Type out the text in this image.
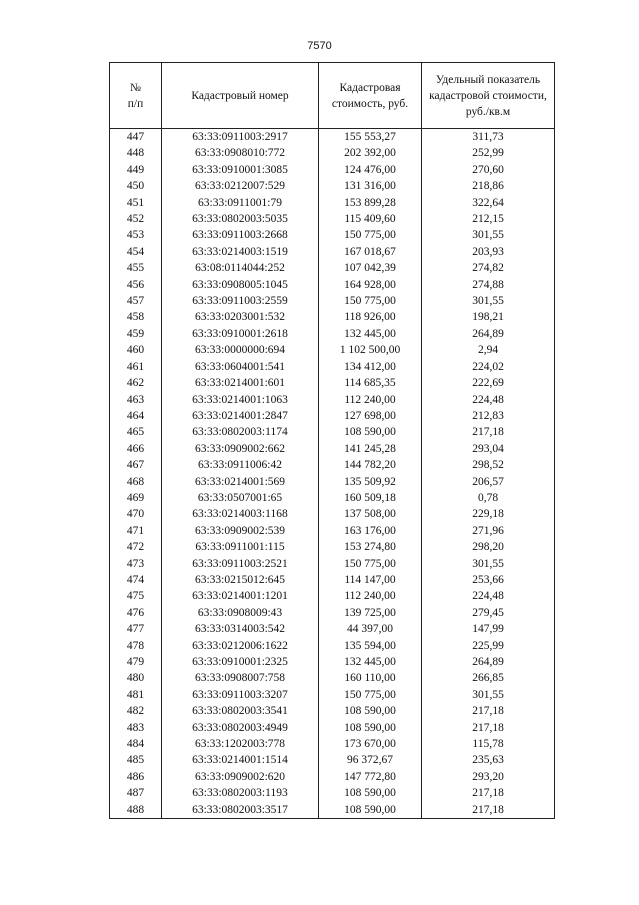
7570
№
п/п	Кадастровый номер	Кадастровая стоимость, руб.	Удельный показатель кадастровой стоимости, руб./кв.м
447	63:33:0911003:2917	155 553,27	311,73
448	63:33:0908010:772	202 392,00	252,99
449	63:33:0910001:3085	124 476,00	270,60
450	63:33:0212007:529	131 316,00	218,86
451	63:33:0911001:79	153 899,28	322,64
452	63:33:0802003:5035	115 409,60	212,15
453	63:33:0911003:2668	150 775,00	301,55
454	63:33:0214003:1519	167 018,67	203,93
455	63:08:0114044:252	107 042,39	274,82
456	63:33:0908005:1045	164 928,00	274,88
457	63:33:0911003:2559	150 775,00	301,55
458	63:33:0203001:532	118 926,00	198,21
459	63:33:0910001:2618	132 445,00	264,89
460	63:33:0000000:694	1 102 500,00	2,94
461	63:33:0604001:541	134 412,00	224,02
462	63:33:0214001:601	114 685,35	222,69
463	63:33:0214001:1063	112 240,00	224,48
464	63:33:0214001:2847	127 698,00	212,83
465	63:33:0802003:1174	108 590,00	217,18
466	63:33:0909002:662	141 245,28	293,04
467	63:33:0911006:42	144 782,20	298,52
468	63:33:0214001:569	135 509,92	206,57
469	63:33:0507001:65	160 509,18	0,78
470	63:33:0214003:1168	137 508,00	229,18
471	63:33:0909002:539	163 176,00	271,96
472	63:33:0911001:115	153 274,80	298,20
473	63:33:0911003:2521	150 775,00	301,55
474	63:33:0215012:645	114 147,00	253,66
475	63:33:0214001:1201	112 240,00	224,48
476	63:33:0908009:43	139 725,00	279,45
477	63:33:0314003:542	44 397,00	147,99
478	63:33:0212006:1622	135 594,00	225,99
479	63:33:0910001:2325	132 445,00	264,89
480	63:33:0908007:758	160 110,00	266,85
481	63:33:0911003:3207	150 775,00	301,55
482	63:33:0802003:3541	108 590,00	217,18
483	63:33:0802003:4949	108 590,00	217,18
484	63:33:1202003:778	173 670,00	115,78
485	63:33:0214001:1514	96 372,67	235,63
486	63:33:0909002:620	147 772,80	293,20
487	63:33:0802003:1193	108 590,00	217,18
488	63:33:0802003:3517	108 590,00	217,18
